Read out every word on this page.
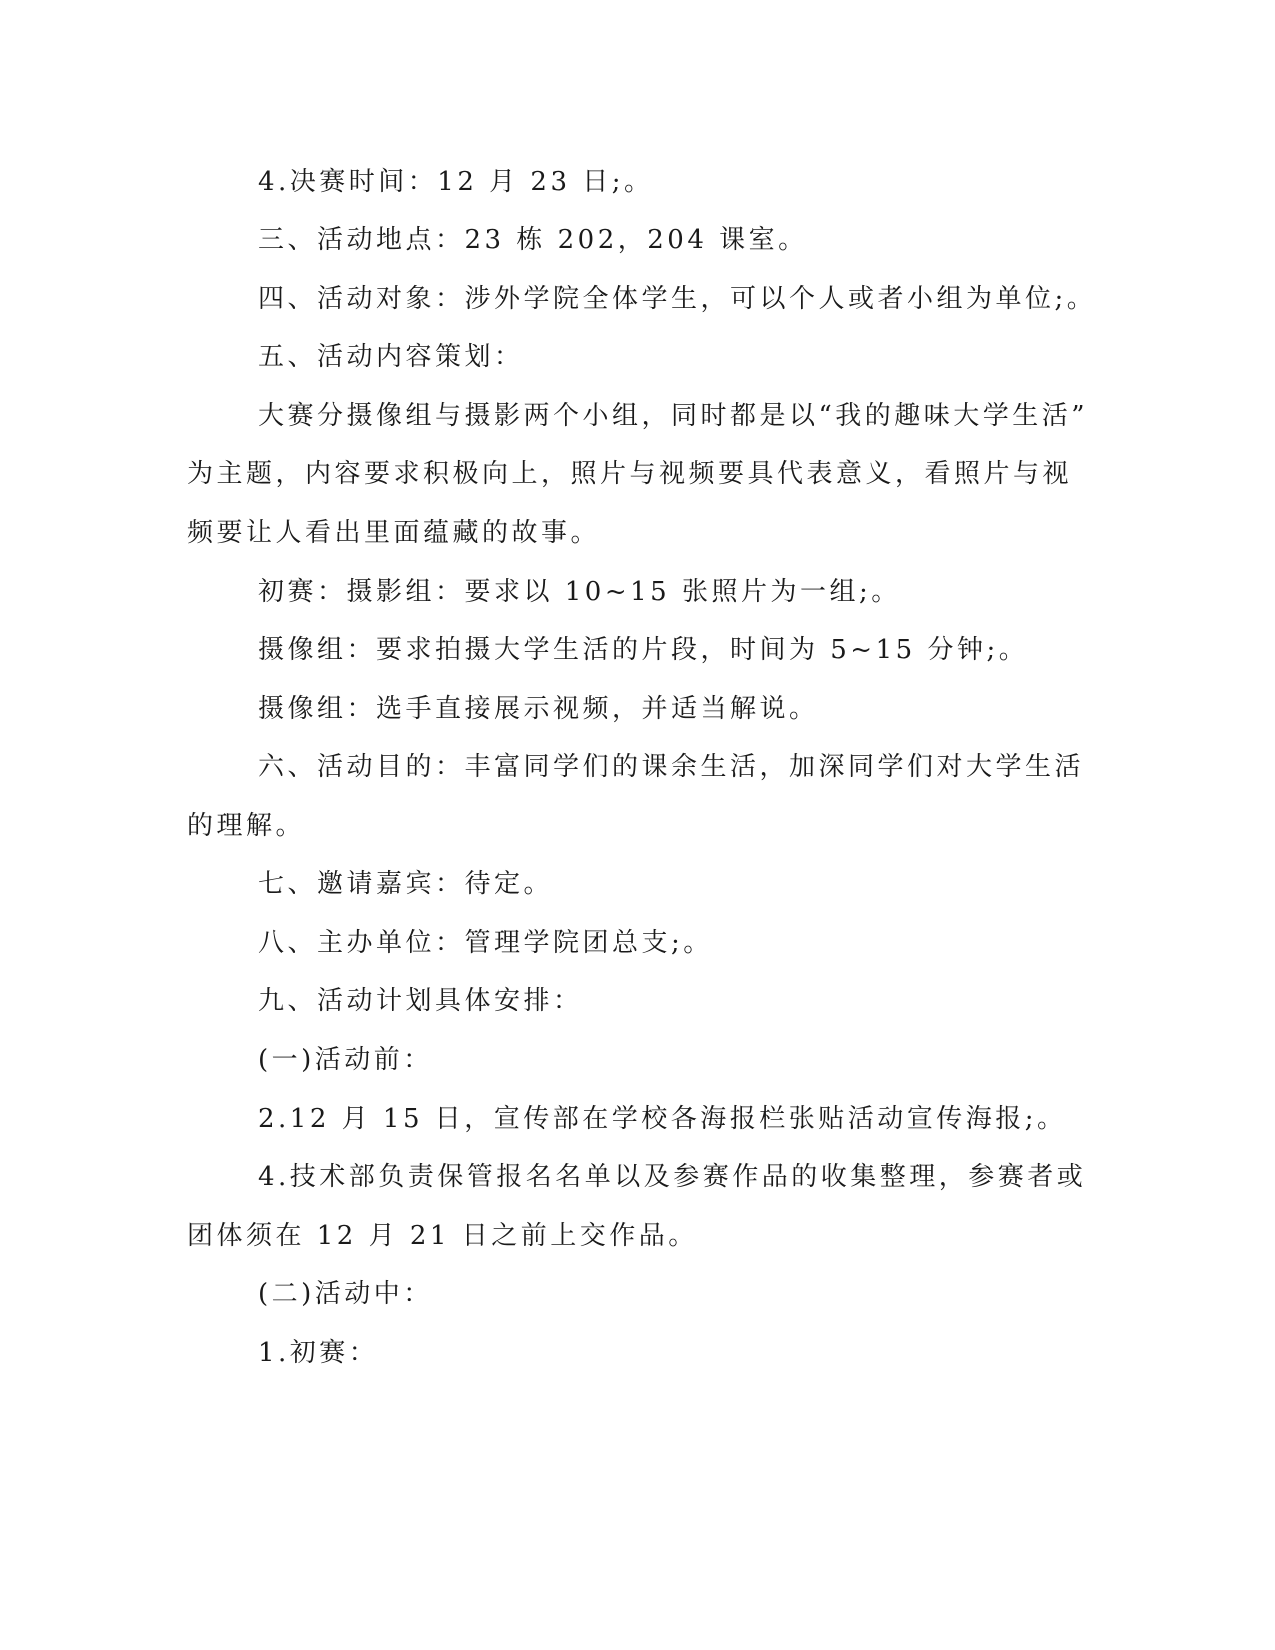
4.决赛时间：12 月 23 日;。

三、活动地点：23 栋 202，204 课室。

四、活动对象：涉外学院全体学生，可以个人或者小组为单位;。

五、活动内容策划：

大赛分摄像组与摄影两个小组，同时都是以“我的趣味大学生活”

为主题，内容要求积极向上，照片与视频要具代表意义，看照片与视

频要让人看出里面蕴藏的故事。

初赛：摄影组：要求以 10~15 张照片为一组;。

摄像组：要求拍摄大学生活的片段，时间为 5~15 分钟;。

摄像组：选手直接展示视频，并适当解说。

六、活动目的：丰富同学们的课余生活，加深同学们对大学生活

的理解。

七、邀请嘉宾：待定。

八、主办单位：管理学院团总支;。

九、活动计划具体安排：

(一)活动前：

2.12 月 15 日，宣传部在学校各海报栏张贴活动宣传海报;。

4.技术部负责保管报名名单以及参赛作品的收集整理，参赛者或

团体须在 12 月 21 日之前上交作品。

(二)活动中：

1.初赛：
